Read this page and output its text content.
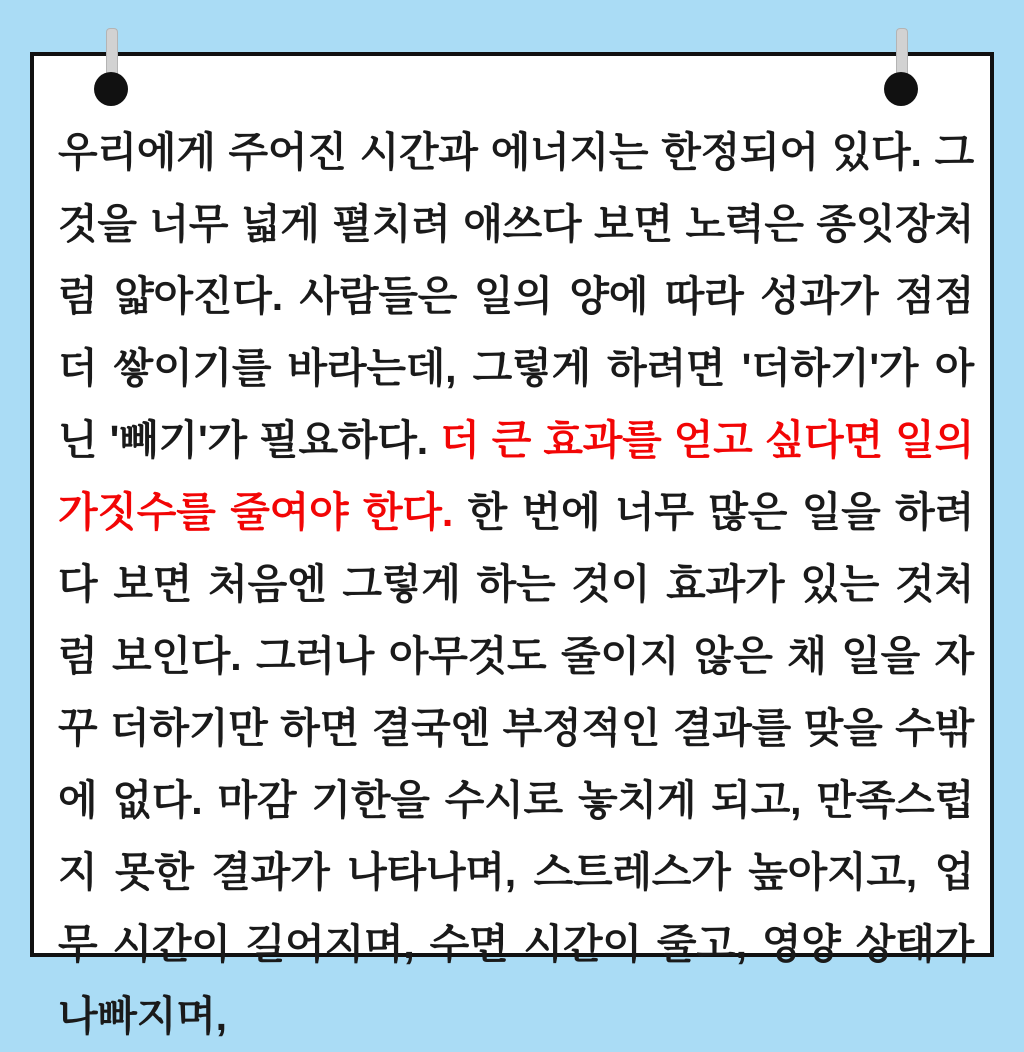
우리에게 주어진 시간과 에너지는 한정되어 있다. 그것을 너무 넓게 펼치려 애쓰다 보면 노력은 종잇장처럼 얇아진다. 사람들은 일의 양에 따라 성과가 점점 더 쌓이기를 바라는데, 그렇게 하려면 '더하기'가 아닌 '빼기'가 필요하다. 더 큰 효과를 얻고 싶다면 일의 가짓수를 줄여야 한다. 한 번에 너무 많은 일을 하려다 보면 처음엔 그렇게 하는 것이 효과가 있는 것처럼 보인다. 그러나 아무것도 줄이지 않은 채 일을 자꾸 더하기만 하면 결국엔 부정적인 결과를 맞을 수밖에 없다. 마감 기한을 수시로 놓치게 되고, 만족스럽지 못한 결과가 나타나며, 스트레스가 높아지고, 업무 시간이 길어지며, 수면 시간이 줄고, 영양 상태가 나빠지며,
